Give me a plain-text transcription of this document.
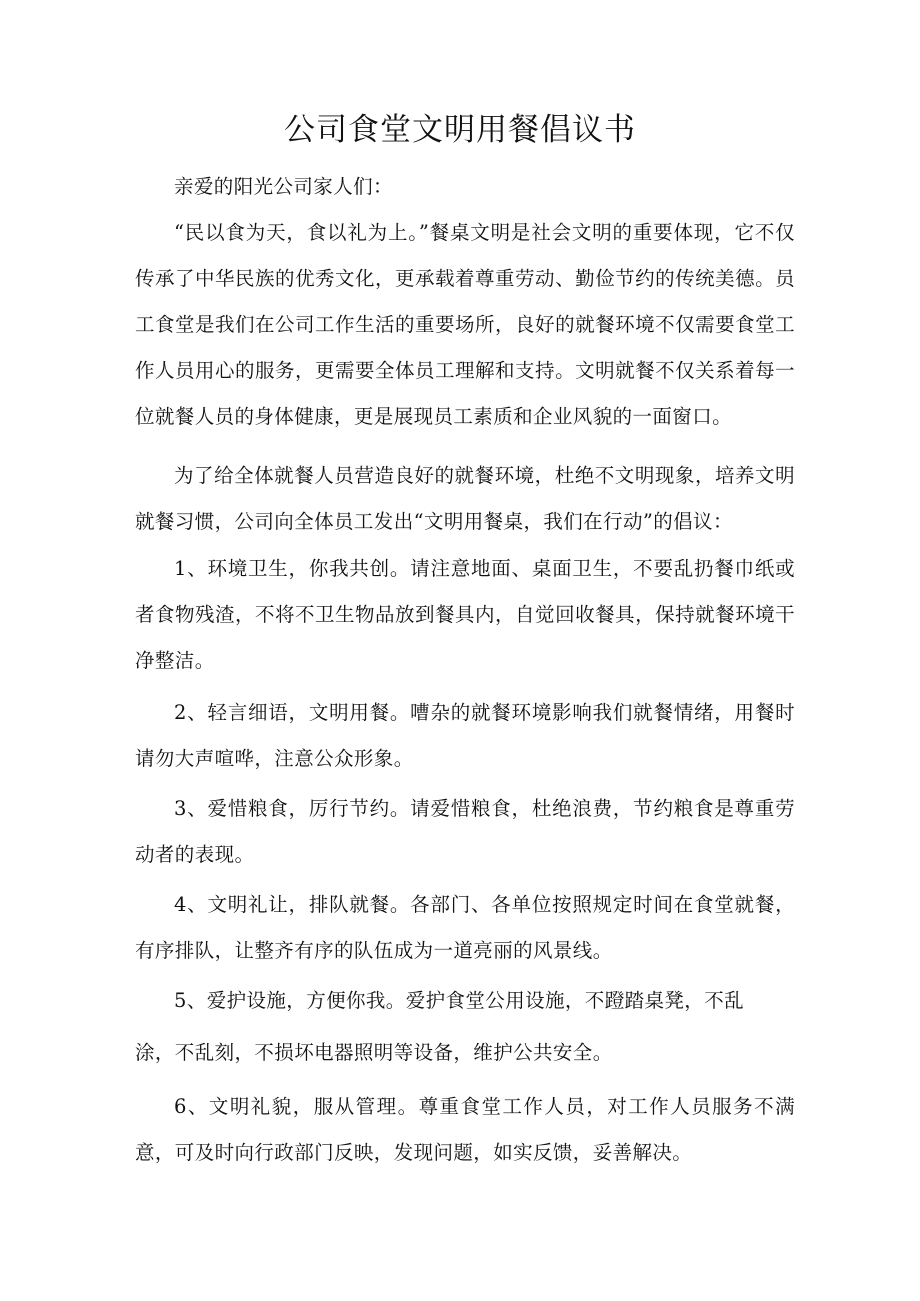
公司食堂文明用餐倡议书

亲爱的阳光公司家人们：

“民以食为天，食以礼为上。”餐桌文明是社会文明的重要体现，它不仅传承了中华民族的优秀文化，更承载着尊重劳动、勤俭节约的传统美德。员工食堂是我们在公司工作生活的重要场所，良好的就餐环境不仅需要食堂工作人员用心的服务，更需要全体员工理解和支持。文明就餐不仅关系着每一位就餐人员的身体健康，更是展现员工素质和企业风貌的一面窗口。

为了给全体就餐人员营造良好的就餐环境，杜绝不文明现象，培养文明就餐习惯，公司向全体员工发出“文明用餐桌，我们在行动”的倡议：

1、环境卫生，你我共创。请注意地面、桌面卫生，不要乱扔餐巾纸或者食物残渣，不将不卫生物品放到餐具内，自觉回收餐具，保持就餐环境干净整洁。

2、轻言细语，文明用餐。嘈杂的就餐环境影响我们就餐情绪，用餐时请勿大声喧哗，注意公众形象。

3、爱惜粮食，厉行节约。请爱惜粮食，杜绝浪费，节约粮食是尊重劳动者的表现。

4、文明礼让，排队就餐。各部门、各单位按照规定时间在食堂就餐，有序排队，让整齐有序的队伍成为一道亮丽的风景线。

5、爱护设施，方便你我。爱护食堂公用设施，不蹬踏桌凳，不乱

涂，不乱刻，不损坏电器照明等设备，维护公共安全。

6、文明礼貌，服从管理。尊重食堂工作人员，对工作人员服务不满意，可及时向行政部门反映，发现问题，如实反馈，妥善解决。
